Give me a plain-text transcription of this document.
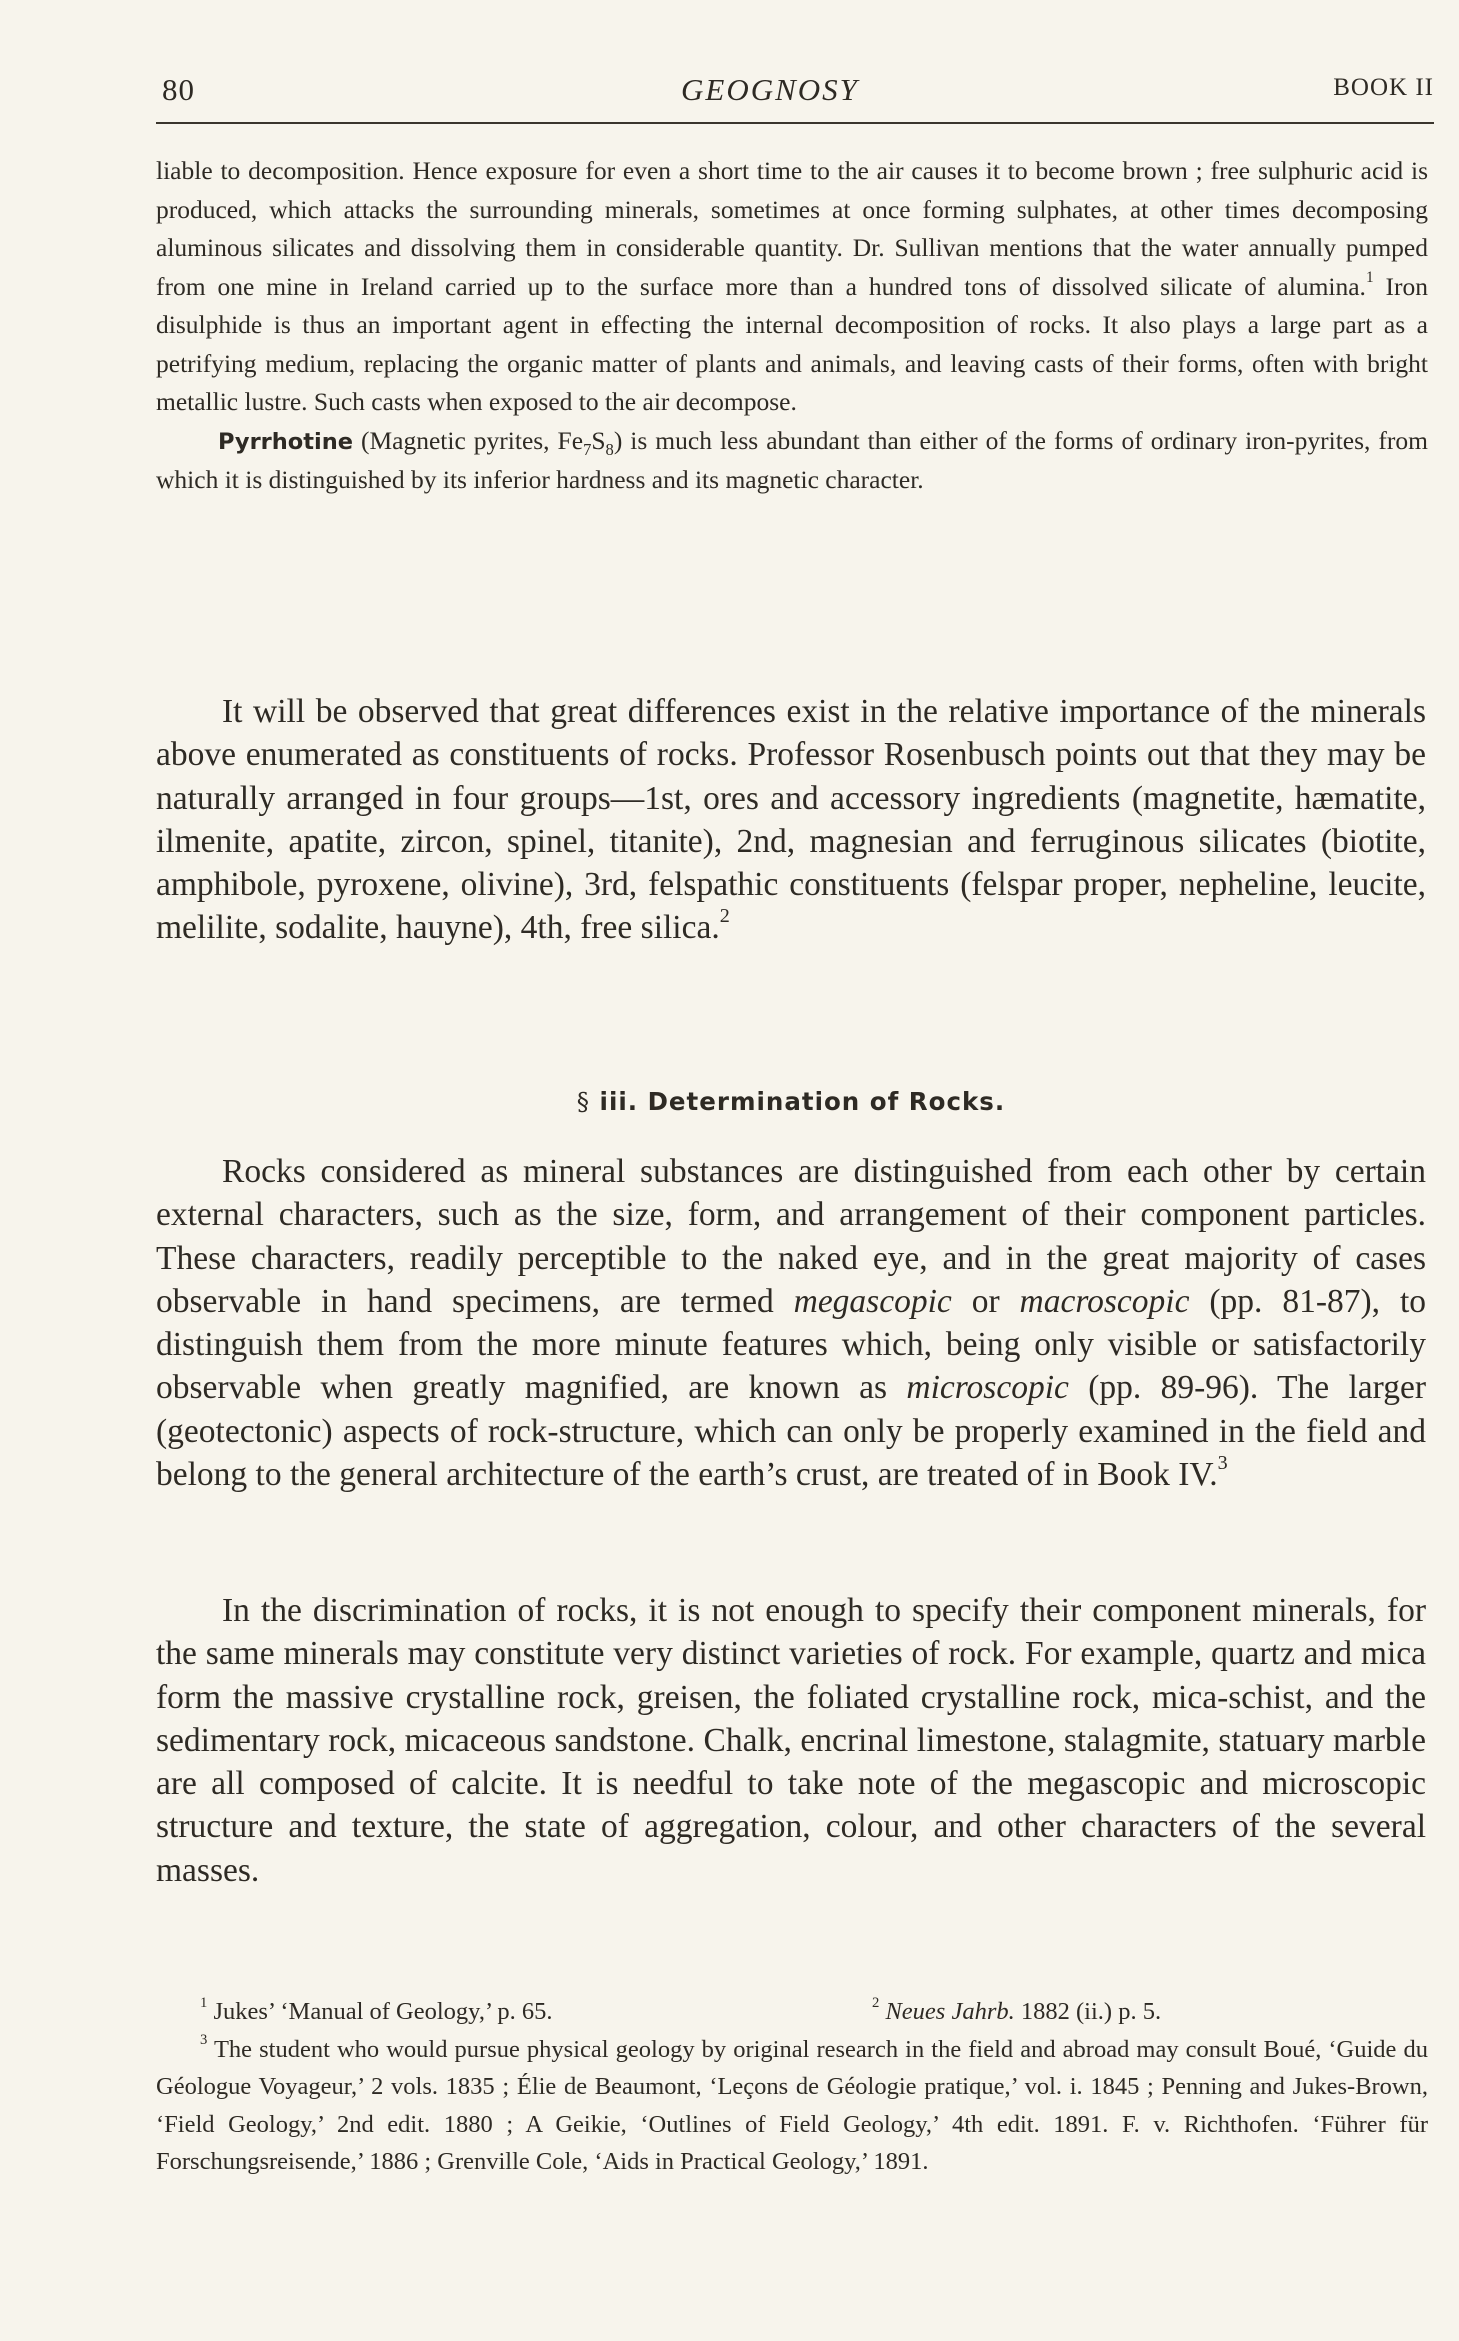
80	GEOGNOSY	BOOK II

liable to decomposition. Hence exposure for even a short time to the air causes it to become brown ; free sulphuric acid is produced, which attacks the surrounding minerals, sometimes at once forming sulphates, at other times decomposing aluminous silicates and dissolving them in considerable quantity. Dr. Sullivan mentions that the water annually pumped from one mine in Ireland carried up to the surface more than a hundred tons of dissolved silicate of alumina.$^1$ Iron disulphide is thus an important agent in effecting the internal decomposition of rocks. It also plays a large part as a petrifying medium, replacing the organic matter of plants and animals, and leaving casts of their forms, often with bright metallic lustre. Such casts when exposed to the air decompose.

Pyrrhotine (Magnetic pyrites, $Fe_7S_8$) is much less abundant than either of the forms of ordinary iron-pyrites, from which it is distinguished by its inferior hardness and its magnetic character.

It will be observed that great differences exist in the relative importance of the minerals above enumerated as constituents of rocks. Professor Rosenbusch points out that they may be naturally arranged in four groups—1st, ores and accessory ingredients (magnetite, hæmatite, ilmenite, apatite, zircon, spinel, titanite), 2nd, magnesian and ferruginous silicates (biotite, amphibole, pyroxene, olivine), 3rd, felspathic constituents (felspar proper, nepheline, leucite, melilite, sodalite, hauyne), 4th, free silica.$^2$

§ iii. Determination of Rocks.

Rocks considered as mineral substances are distinguished from each other by certain external characters, such as the size, form, and arrangement of their component particles. These characters, readily perceptible to the naked eye, and in the great majority of cases observable in hand specimens, are termed megascopic or macroscopic (pp. 81-87), to distinguish them from the more minute features which, being only visible or satisfactorily observable when greatly magnified, are known as microscopic (pp. 89-96). The larger (geotectonic) aspects of rock-structure, which can only be properly examined in the field and belong to the general architecture of the earth’s crust, are treated of in Book IV.$^3$

In the discrimination of rocks, it is not enough to specify their component minerals, for the same minerals may constitute very distinct varieties of rock. For example, quartz and mica form the massive crystalline rock, greisen, the foliated crystalline rock, mica-schist, and the sedimentary rock, micaceous sandstone. Chalk, encrinal limestone, stalagmite, statuary marble are all composed of calcite. It is needful to take note of the megascopic and microscopic structure and texture, the state of aggregation, colour, and other characters of the several masses.
$^1$ Jukes’ ‘Manual of Geology,’ p. 65.	$^2$ Neues Jahrb. 1882 (ii.) p. 5.

$^3$ The student who would pursue physical geology by original research in the field and abroad may consult Boué, ‘Guide du Géologue Voyageur,’ 2 vols. 1835 ; Élie de Beaumont, ‘Leçons de Géologie pratique,’ vol. i. 1845 ; Penning and Jukes-Brown, ‘Field Geology,’ 2nd edit. 1880 ; A Geikie, ‘Outlines of Field Geology,’ 4th edit. 1891. F. v. Richthofen. ‘Führer für Forschungsreisende,’ 1886 ; Grenville Cole, ‘Aids in Practical Geology,’ 1891.
